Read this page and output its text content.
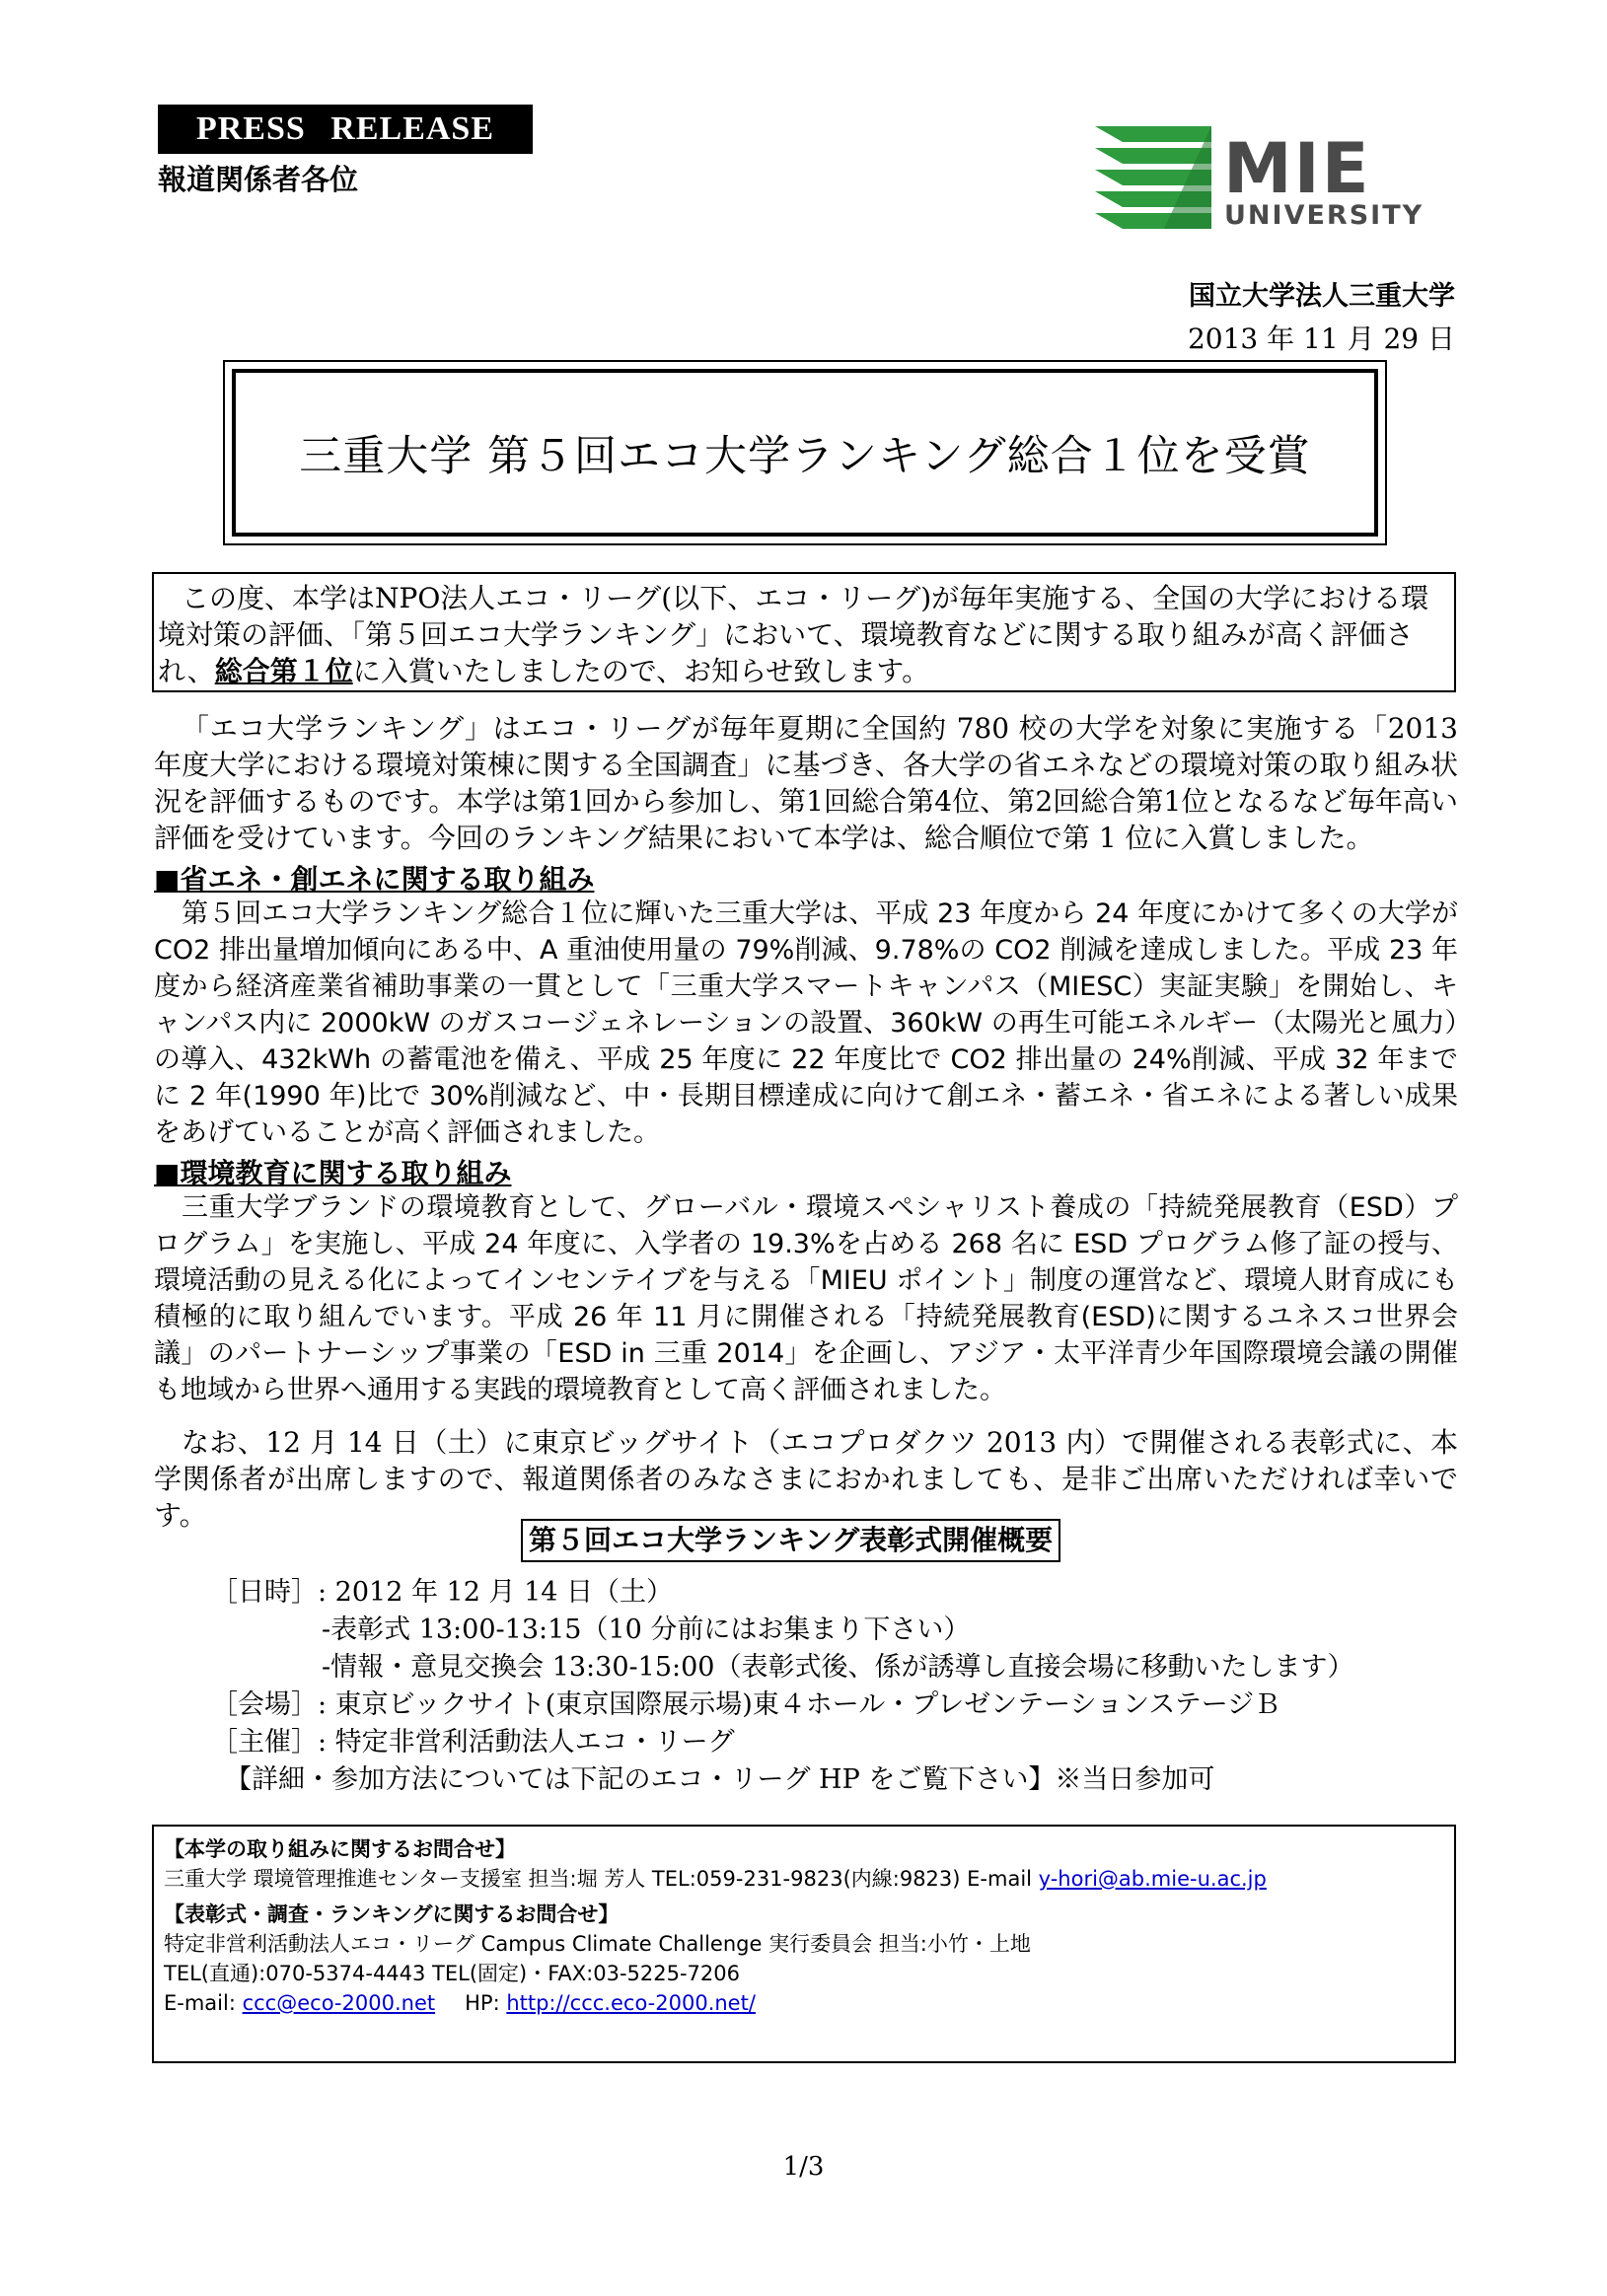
PRESS RELEASE
報道関係者各位	MIE
UNIVERSITY
国立大学法人三重大学
2013 年 11 月 29 日
三重大学 第５回エコ大学ランキング総合１位を受賞
この度、本学はNPO法人エコ・リーグ(以下、エコ・リーグ)が毎年実施する、全国の大学における環境対策の評価、「第５回エコ大学ランキング」において、環境教育などに関する取り組みが高く評価され、総合第１位に入賞いたしましたので、お知らせ致します。
「エコ大学ランキング」はエコ・リーグが毎年夏期に全国約 780 校の大学を対象に実施する「2013 年度大学における環境対策棟に関する全国調査」に基づき、各大学の省エネなどの環境対策の取り組み状況を評価するものです。本学は第1回から参加し、第1回総合第4位、第2回総合第1位となるなど毎年高い評価を受けています。今回のランキング結果において本学は、総合順位で第 1 位に入賞しました。
■省エネ・創エネに関する取り組み
第５回エコ大学ランキング総合１位に輝いた三重大学は、平成 23 年度から 24 年度にかけて多くの大学が CO2 排出量増加傾向にある中、A 重油使用量の 79%削減、9.78%の CO2 削減を達成しました。平成 23 年度から経済産業省補助事業の一貫として「三重大学スマートキャンパス（MIESC）実証実験」を開始し、キャンパス内に 2000kW のガスコージェネレーションの設置、360kW の再生可能エネルギー（太陽光と風力）の導入、432kWh の蓄電池を備え、平成 25 年度に 22 年度比で CO2 排出量の 24%削減、平成 32 年までに 2 年(1990 年)比で 30%削減など、中・長期目標達成に向けて創エネ・蓄エネ・省エネによる著しい成果をあげていることが高く評価されました。
■環境教育に関する取り組み
三重大学ブランドの環境教育として、グローバル・環境スペシャリスト養成の「持続発展教育（ESD）プログラム」を実施し、平成 24 年度に、入学者の 19.3%を占める 268 名に ESD プログラム修了証の授与、環境活動の見える化によってインセンテイブを与える「MIEU ポイント」制度の運営など、環境人財育成にも積極的に取り組んでいます。平成 26 年 11 月に開催される「持続発展教育(ESD)に関するユネスコ世界会議」のパートナーシップ事業の「ESD in 三重 2014」を企画し、アジア・太平洋青少年国際環境会議の開催も地域から世界へ通用する実践的環境教育として高く評価されました。
なお、12 月 14 日（土）に東京ビッグサイト（エコプロダクツ 2013 内）で開催される表彰式に、本学関係者が出席しますので、報道関係者のみなさまにおかれましても、是非ご出席いただければ幸いです。
第５回エコ大学ランキング表彰式開催概要
［日時］: 2012 年 12 月 14 日（土）
-表彰式 13:00-13:15（10 分前にはお集まり下さい）
-情報・意見交換会 13:30-15:00（表彰式後、係が誘導し直接会場に移動いたします）
［会場］: 東京ビックサイト(東京国際展示場)東４ホール・プレゼンテーションステージＢ
［主催］: 特定非営利活動法人エコ・リーグ
【詳細・参加方法については下記のエコ・リーグ HP をご覧下さい】※当日参加可
【本学の取り組みに関するお問合せ】
三重大学 環境管理推進センター支援室 担当:堀 芳人 TEL:059-231-9823(内線:9823) E-mail y-hori@ab.mie-u.ac.jp
【表彰式・調査・ランキングに関するお問合せ】
特定非営利活動法人エコ・リーグ Campus Climate Challenge 実行委員会 担当:小竹・上地
TEL(直通):070-5374-4443 TEL(固定)・FAX:03-5225-7206
E-mail: ccc@eco-2000.net HP: http://ccc.eco-2000.net/
1/3
